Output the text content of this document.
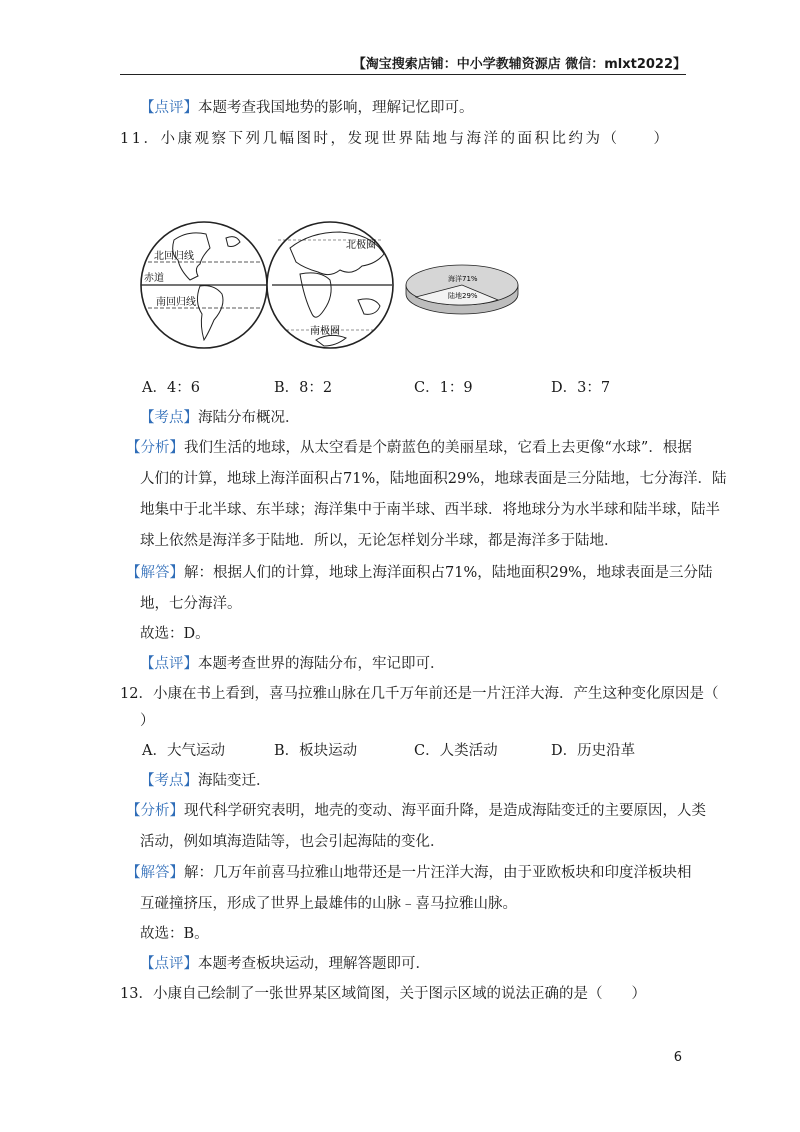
【淘宝搜索店铺：中小学教辅资源店 微信：mlxt2022】
【点评】本题考查我国地势的影响，理解记忆即可。
11．小康观察下列几幅图时，发现世界陆地与海洋的面积比约为（　　）
北回归线
赤道
南回归线
北极圈
南极圈
海洋71%
陆地29%
A．4：6	B．8：2	C．1：9	D．3：7
【考点】海陆分布概况．
【分析】我们生活的地球，从太空看是个蔚蓝色的美丽星球，它看上去更像“水球”．根据
人们的计算，地球上海洋面积占71%，陆地面积29%，地球表面是三分陆地，七分海洋．陆
地集中于北半球、东半球；海洋集中于南半球、西半球．将地球分为水半球和陆半球，陆半
球上依然是海洋多于陆地．所以，无论怎样划分半球，都是海洋多于陆地．
【解答】解：根据人们的计算，地球上海洋面积占71%，陆地面积29%，地球表面是三分陆
地，七分海洋。
故选：D。
【点评】本题考查世界的海陆分布，牢记即可．
12．小康在书上看到，喜马拉雅山脉在几千万年前还是一片汪洋大海．产生这种变化原因是（
）
A．大气运动	B．板块运动	C．人类活动	D．历史沿革
【考点】海陆变迁．
【分析】现代科学研究表明，地壳的变动、海平面升降，是造成海陆变迁的主要原因，人类
活动，例如填海造陆等，也会引起海陆的变化．
【解答】解：几万年前喜马拉雅山地带还是一片汪洋大海，由于亚欧板块和印度洋板块相
互碰撞挤压，形成了世界上最雄伟的山脉﹣喜马拉雅山脉。
故选：B。
【点评】本题考查板块运动，理解答题即可．
13．小康自己绘制了一张世界某区域简图，关于图示区域的说法正确的是（　　）
6
